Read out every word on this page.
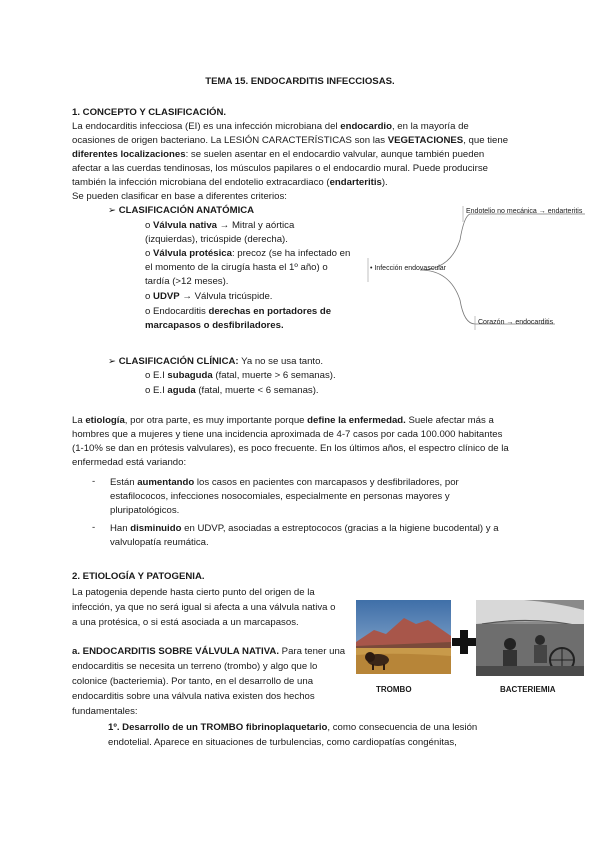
TEMA 15. ENDOCARDITIS INFECCIOSAS.
1. CONCEPTO Y CLASIFICACIÓN.
La endocarditis infecciosa (EI) es una infección microbiana del endocardio, en la mayoría de
ocasiones de origen bacteriano. La LESIÓN CARACTERÍSTICAS son las VEGETACIONES, que tiene
diferentes localizaciones: se suelen asentar en el endocardio valvular, aunque también pueden
afectar a las cuerdas tendinosas, los músculos papilares o el endocardio mural. Puede producirse
también la infección microbiana del endotelio extracardiaco (endarteritis).
Se pueden clasificar en base a diferentes criterios:
➢ CLASIFICACIÓN ANATÓMICA
o Válvula nativa → Mitral y aórtica
(izquierdas), tricúspide (derecha).
o Válvula protésica: precoz (se ha infectado en
el momento de la cirugía hasta el 1º año) o
tardía (>12 meses).
o UDVP → Válvula tricúspide.
o Endocarditis derechas en portadores de
marcapasos o desfibriladores.
Endotelio no mecánica → endarteritis
• Infección endovascular
Corazón → endocarditis
➢ CLASIFICACIÓN CLÍNICA: Ya no se usa tanto.
o E.I subaguda (fatal, muerte > 6 semanas).
o E.I aguda (fatal, muerte < 6 semanas).
La etiología, por otra parte, es muy importante porque define la enfermedad. Suele afectar más a
hombres que a mujeres y tiene una incidencia aproximada de 4-7 casos por cada 100.000 habitantes
(1-10% se dan en prótesis valvulares), es poco frecuente. En los últimos años, el espectro clínico de la
enfermedad está variando:
- Están aumentando los casos en pacientes con marcapasos y desfibriladores, por
estafilococos, infecciones nosocomiales, especialmente en personas mayores y
pluripatológicos.
- Han disminuido en UDVP, asociadas a estreptococos (gracias a la higiene bucodental) y a
valvulopatía reumática.
2. ETIOLOGÍA Y PATOGENIA.
La patogenia depende hasta cierto punto del origen de la
infección, ya que no será igual si afecta a una válvula nativa o
a una protésica, o si está asociada a un marcapasos.
a. ENDOCARDITIS SOBRE VÁLVULA NATIVA. Para tener una
endocarditis se necesita un terreno (trombo) y algo que lo
colonice (bacteriemia). Por tanto, en el desarrollo de una
endocarditis sobre una válvula nativa existen dos hechos
fundamentales:
1º. Desarrollo de un TROMBO fibrinoplaquetario, como consecuencia de una lesión
endotelial. Aparece en situaciones de turbulencias, como cardiopatías congénitas,
TROMBO	BACTERIEMIA
